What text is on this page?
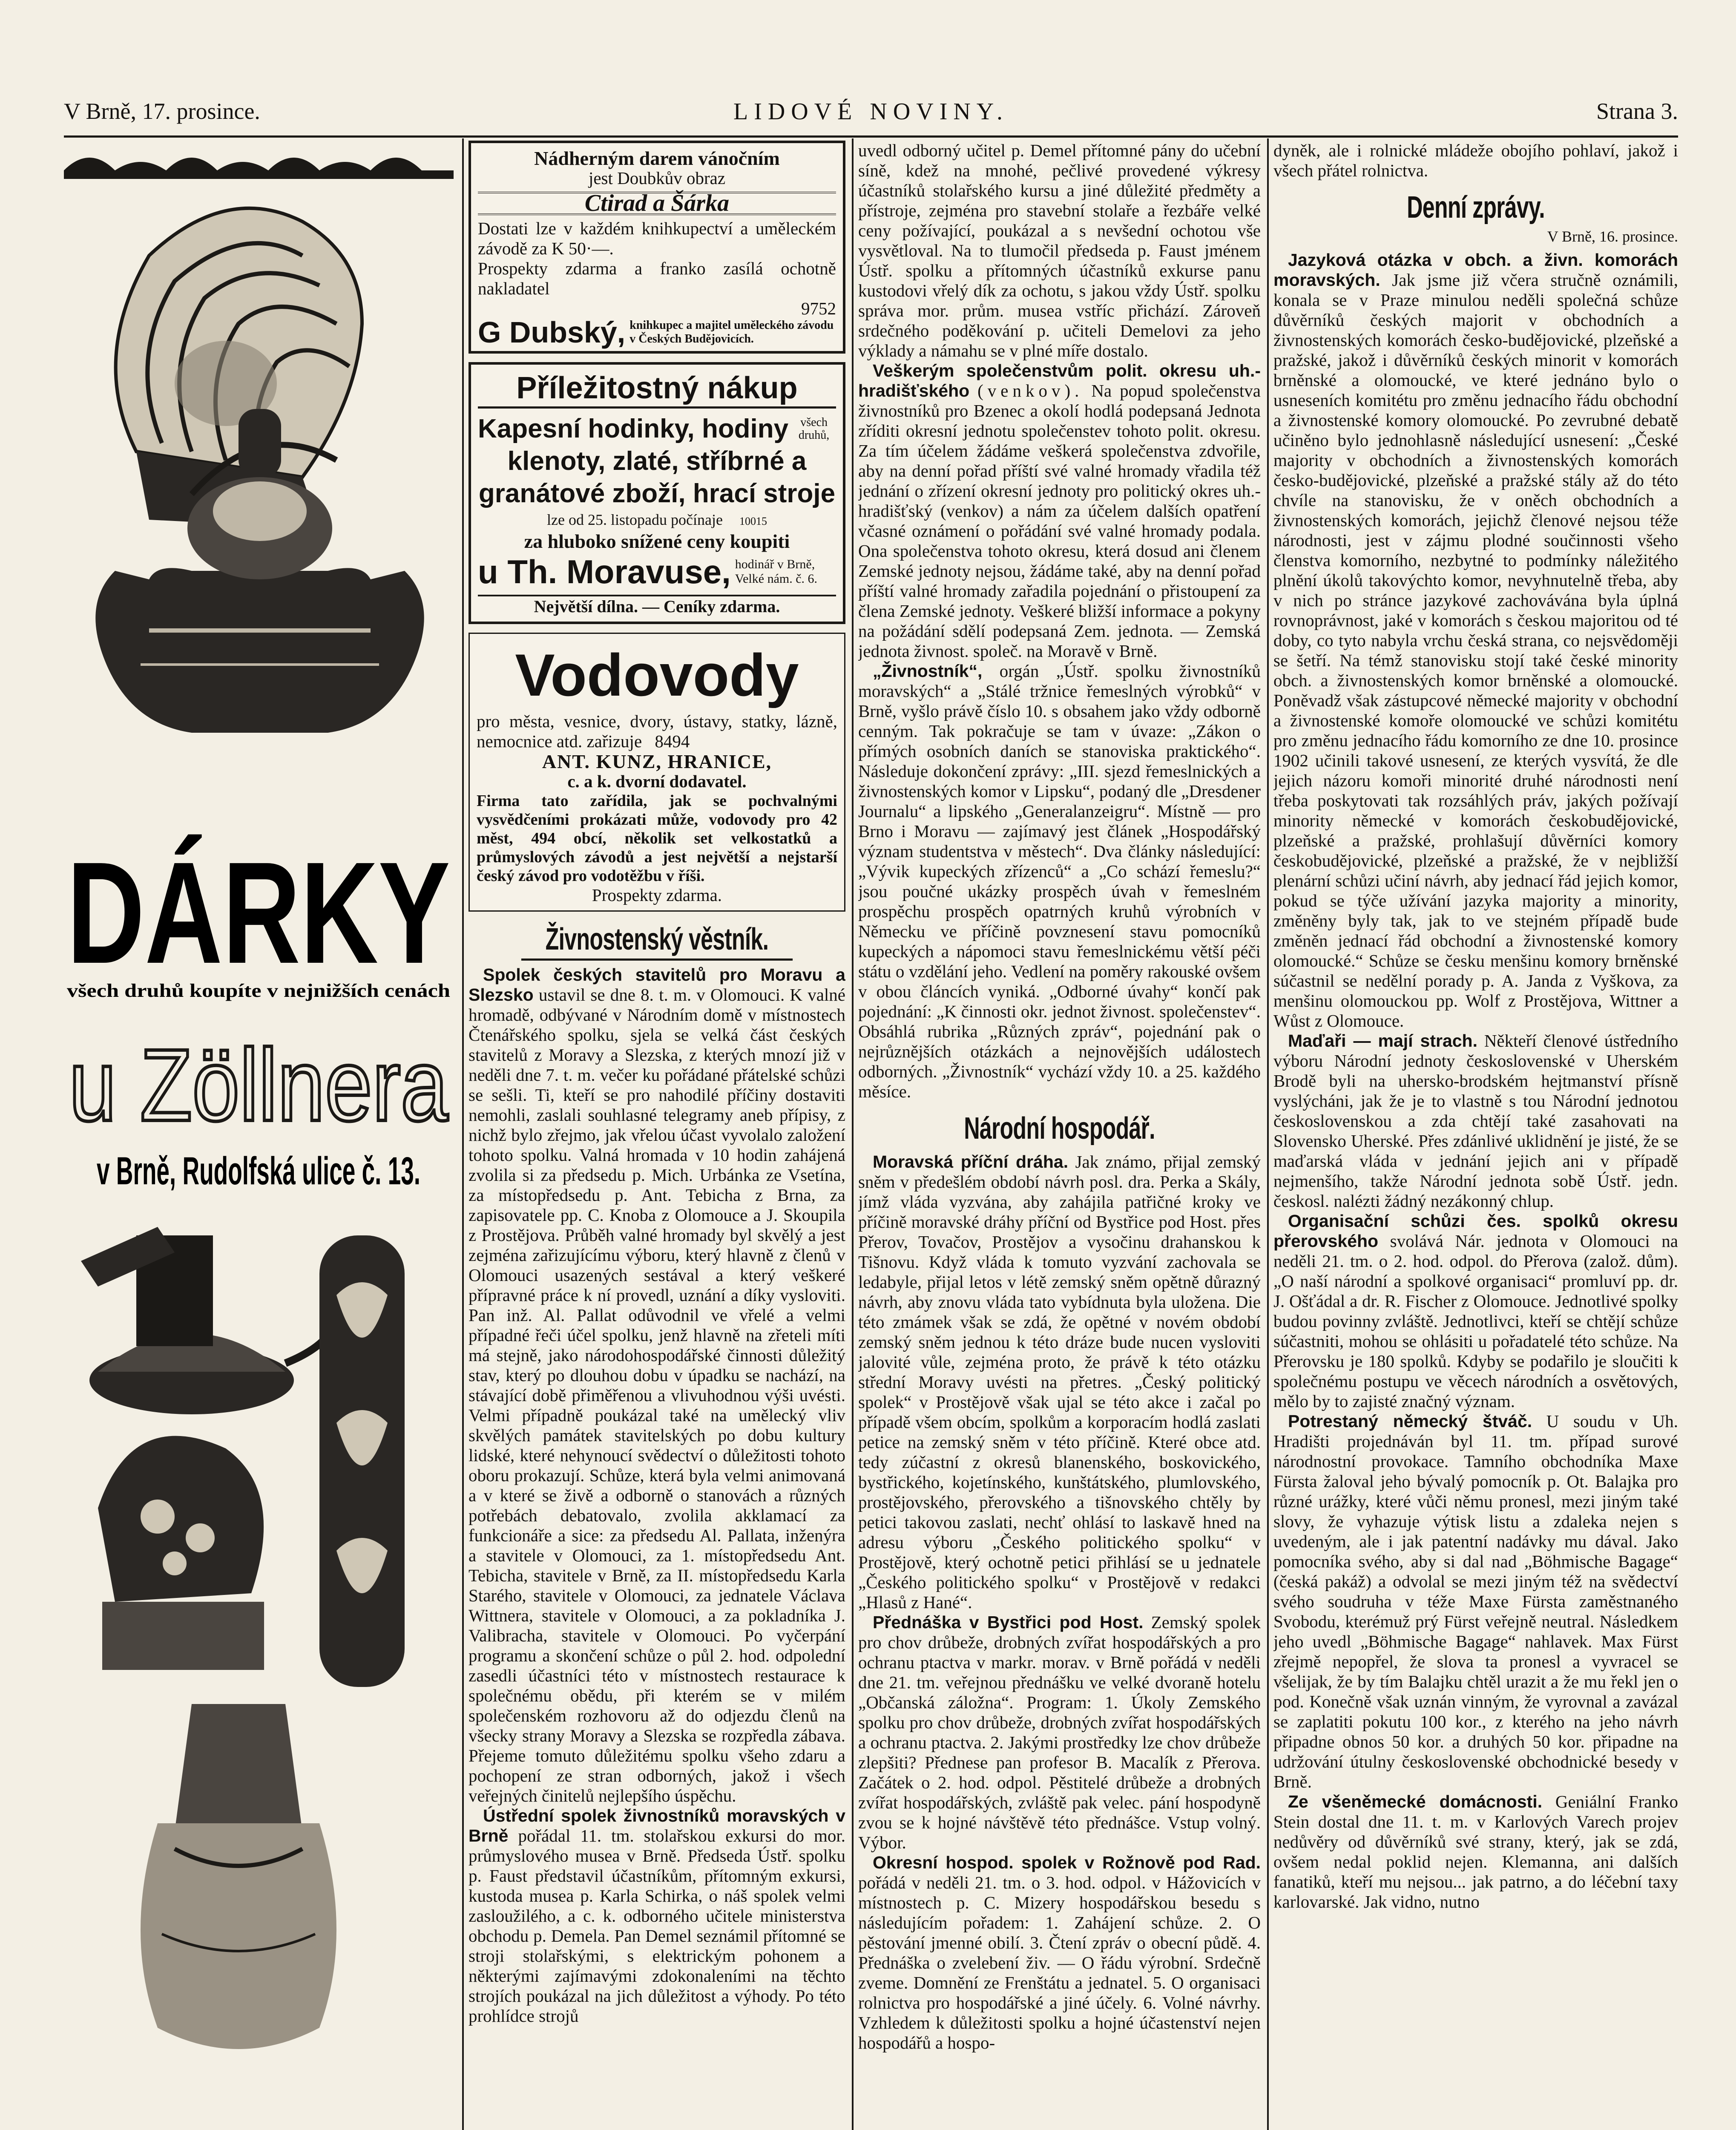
V Brně, 17. prosince.	LIDOVÉ NOVINY.	Strana 3.
DÁRKY
všech druhů koupíte v nejnižších cenách
u Zöllnera
v Brně, Rudolfská ulice č. 13.
Nádherným darem vánočním
jest Doubkův obraz
Ctirad a Šárka
Dostati lze v každém knihkupectví a uměleckém závodě za K 50·—.
Prospekty zdarma a franko zasílá ochotně nakladatel
9752
G Dubský, knihkupec a majitel uměleckého závodu v Českých Budějovicích.
Příležitostný nákup
Kapesní hodinky, hodiny	všech druhů,
klenoty, zlaté, stříbrné a
granátové zboží, hrací stroje
lze od 25. listopadu počínaje 10015
za hluboko snížené ceny koupiti
u Th. Moravuse, hodinář v Brně, Velké nám. č. 6.
Největší dílna. — Ceníky zdarma.
Vodovody
pro města, vesnice, dvory, ústavy, statky, lázně, nemocnice atd. zařizuje 8494
ANT. KUNZ, HRANICE,
c. a k. dvorní dodavatel.
Firma tato zařídila, jak se pochvalnými vysvědčeními prokázati může, vodovody pro 42 měst, 494 obcí, několik set velkostatků a průmyslových závodů a jest největší a nejstarší český závod pro vodotěžbu v říši.
Prospekty zdarma.
Živnostenský věstník.

Spolek českých stavitelů pro Moravu a Slezsko ustavil se dne 8. t. m. v Olomouci. K valné hromadě, odbývané v Národním domě v místnostech Čtenářského spolku, sjela se velká část českých stavitelů z Moravy a Slezska, z kterých mnozí již v neděli dne 7. t. m. večer ku pořádané přátelské schůzi se sešli. Ti, kteří se pro nahodilé příčiny dostaviti nemohli, zaslali souhlasné telegramy aneb přípisy, z nichž bylo zřejmo, jak vřelou účast vyvolalo založení tohoto spolku. Valná hromada v 10 hodin zahájená zvolila si za předsedu p. Mich. Urbánka ze Vsetína, za místopředsedu p. Ant. Tebicha z Brna, za zapisovatele pp. C. Knoba z Olomouce a J. Skoupila z Prostějova. Průběh valné hromady byl skvělý a jest zejména zařizujícímu výboru, který hlavně z členů v Olomouci usazených sestával a který veškeré přípravné práce k ní provedl, uznání a díky vysloviti. Pan inž. Al. Pallat odůvodnil ve vřelé a velmi případné řeči účel spolku, jenž hlavně na zřeteli míti má stejně, jako národohospodářské činnosti důležitý stav, který po dlouhou dobu v úpadku se nachází, na stávající době přiměřenou a vlivuhodnou výši uvésti. Velmi případně poukázal také na umělecký vliv skvělých památek stavitelských po dobu kultury lidské, které nehynoucí svědectví o důležitosti tohoto oboru prokazují. Schůze, která byla velmi animovaná a v které se živě a odborně o stanovách a různých potřebách debatovalo, zvolila akklamací za funkcionáře a sice: za předsedu Al. Pallata, inženýra a stavitele v Olomouci, za 1. místopředsedu Ant. Tebicha, stavitele v Brně, za II. místopředsedu Karla Starého, stavitele v Olomouci, za jednatele Václava Wittnera, stavitele v Olomouci, a za pokladníka J. Valibracha, stavitele v Olomouci. Po vyčerpání programu a skončení schůze o půl 2. hod. odpolední zasedli účastníci této v místnostech restaurace k společnému obědu, při kterém se v milém společenském rozhovoru až do odjezdu členů na všecky strany Moravy a Slezska se rozpředla zábava. Přejeme tomuto důležitému spolku všeho zdaru a pochopení ze stran odborných, jakož i všech veřejných činitelů nejlepšího úspěchu.

Ústřední spolek živnostníků moravských v Brně pořádal 11. tm. stolařskou exkursi do mor. průmyslového musea v Brně. Předseda Ústř. spolku p. Faust představil účastníkům, přítomným exkursi, kustoda musea p. Karla Schirka, o náš spolek velmi zasloužilého, a c. k. odborného učitele ministerstva obchodu p. Demela. Pan Demel seznámil přítomné se stroji stolařskými, s elektrickým pohonem a některými zajímavými zdokonaleními na těchto strojích poukázal na jich důležitost a výhody. Po této prohlídce strojů

uvedl odborný učitel p. Demel přítomné pány do učební síně, kdež na mnohé, pečlivé provedené výkresy účastníků stolařského kursu a jiné důležité předměty a přístroje, zejména pro stavební stolaře a řezbáře velké ceny požívající, poukázal a s nevšední ochotou vše vysvětloval. Na to tlumočil předseda p. Faust jménem Ústř. spolku a přítomných účastníků exkurse panu kustodovi vřelý dík za ochotu, s jakou vždy Ústř. spolku správa mor. prům. musea vstříc přichází. Zároveň srdečného poděkování p. učiteli Demelovi za jeho výklady a námahu se v plné míře dostalo.

Veškerým společenstvům polit. okresu uh.-hradišťského (venkov). Na popud společenstva živnostníků pro Bzenec a okolí hodlá podepsaná Jednota zříditi okresní jednotu společenstev tohoto polit. okresu. Za tím účelem žádáme veškerá společenstva zdvořile, aby na denní pořad příští své valné hromady vřadila též jednání o zřízení okresní jednoty pro politický okres uh.-hradišťský (venkov) a nám za účelem dalších opatření včasné oznámení o pořádání své valné hromady podala. Ona společenstva tohoto okresu, která dosud ani členem Zemské jednoty nejsou, žádáme také, aby na denní pořad příští valné hromady zařadila pojednání o přistoupení za člena Zemské jednoty. Veškeré bližší informace a pokyny na požádání sdělí podepsaná Zem. jednota. — Zemská jednota živnost. společ. na Moravě v Brně.

„Živnostník“, orgán „Ústř. spolku živnostníků moravských“ a „Stálé tržnice řemeslných výrobků“ v Brně, vyšlo právě číslo 10. s obsahem jako vždy odborně cenným. Tak pokračuje se tam v úvaze: „Zákon o přímých osobních daních se stanoviska praktického“. Následuje dokončení zprávy: „III. sjezd řemeslnických a živnostenských komor v Lipsku“, podaný dle „Dresdener Journalu“ a lipského „Generalanzeigru“. Místně — pro Brno i Moravu — zajímavý jest článek „Hospodářský význam studentstva v městech“. Dva články následující: „Vývik kupeckých zřízenců“ a „Co schází řemeslu?“ jsou poučné ukázky prospěch úvah v řemeslném prospěchu prospěch opatrných kruhů výrobních v Německu ve příčině povznesení stavu pomocníků kupeckých a nápomoci stavu řemeslnickému větší péči státu o vzdělání jeho. Vedlení na poměry rakouské ovšem v obou článcích vyniká. „Odborné úvahy“ končí pak pojednání: „K činnosti okr. jednot živnost. společenstev“. Obsáhlá rubrika „Různých zpráv“, pojednání pak o nejrůznějších otázkách a nejnovějších událostech odborných. „Živnostník“ vychází vždy 10. a 25. každého měsíce.

Národní hospodář.

Moravská příční dráha. Jak známo, přijal zemský sněm v předešlém období návrh posl. dra. Perka a Skály, jímž vláda vyzvána, aby zahájila patřičné kroky ve příčině moravské dráhy příční od Bystřice pod Host. přes Přerov, Tovačov, Prostějov a vysočinu drahanskou k Tišnovu. Když vláda k tomuto vyzvání zachovala se ledabyle, přijal letos v létě zemský sněm opětně důrazný návrh, aby znovu vláda tato vybídnuta byla uložena. Die této zmámek však se zdá, že opětné v novém období zemský sněm jednou k této dráze bude nucen vysloviti jalovité vůle, zejména proto, že právě k této otázku střední Moravy uvésti na přetres. „Český politický spolek“ v Prostějově však ujal se této akce i začal po případě všem obcím, spolkům a korporacím hodlá zaslati petice na zemský sněm v této příčině. Které obce atd. tedy zúčastní z okresů blanenského, boskovického, bystřického, kojetínského, kunštátského, plumlovského, prostějovského, přerovského a tišnovského chtěly by petici takovou zaslati, nechť ohlásí to laskavě hned na adresu výboru „Českého politického spolku“ v Prostějově, který ochotně petici přihlásí se u jednatele „Českého politického spolku“ v Prostějově v redakci „Hlasů z Hané“.

Přednáška v Bystřici pod Host. Zemský spolek pro chov drůbeže, drobných zvířat hospodářských a pro ochranu ptactva v markr. morav. v Brně pořádá v neděli dne 21. tm. veřejnou přednášku ve velké dvoraně hotelu „Občanská záložna“. Program: 1. Úkoly Zemského spolku pro chov drůbeže, drobných zvířat hospodářských a ochranu ptactva. 2. Jakými prostředky lze chov drůbeže zlepšiti? Přednese pan profesor B. Macalík z Přerova. Začátek o 2. hod. odpol. Pěstitelé drůbeže a drobných zvířat hospodářských, zvláště pak velec. pání hospodyně zvou se k hojné návštěvě této přednášce. Vstup volný. Výbor.

Okresní hospod. spolek v Rožnově pod Rad. pořádá v neděli 21. tm. o 3. hod. odpol. v Hážovicích v místnostech p. C. Mizery hospodářskou besedu s následujícím pořadem: 1. Zahájení schůze. 2. O pěstování jmenné obilí. 3. Čtení zpráv o obecní půdě. 4. Přednáška o zvelebení živ. — O řádu výrobní. Srdečně zveme. Domnění ze Frenštátu a jednatel. 5. O organisaci rolnictva pro hospodářské a jiné účely. 6. Volné návrhy. Vzhledem k důležitosti spolku a hojné účastenství nejen hospodářů a hospo-

dyněk, ale i rolnické mládeže obojího pohlaví, jakož i všech přátel rolnictva.

Denní zprávy.
V Brně, 16. prosince.

Jazyková otázka v obch. a živn. komorách moravských. Jak jsme již včera stručně oznámili, konala se v Praze minulou neděli společná schůze důvěrníků českých majorit v obchodních a živnostenských komorách česko-budějovické, plzeňské a pražské, jakož i důvěrníků českých minorit v komorách brněnské a olomoucké, ve které jednáno bylo o usneseních komitétu pro změnu jednacího řádu obchodní a živnostenské komory olomoucké. Po zevrubné debatě učiněno bylo jednohlasně následující usnesení: „České majority v obchodních a živnostenských komorách česko-budějovické, plzeňské a pražské stály až do této chvíle na stanovisku, že v oněch obchodních a živnostenských komorách, jejichž členové nejsou téže národnosti, jest v zájmu plodné součinnosti všeho členstva komorního, nezbytné to podmínky náležitého plnění úkolů takovýchto komor, nevyhnutelně třeba, aby v nich po stránce jazykové zachovávána byla úplná rovnoprávnost, jaké v komorách s českou majoritou od té doby, co tyto nabyla vrchu česká strana, co nejsvědoměji se šetří. Na témž stanovisku stojí také české minority obch. a živnostenských komor brněnské a olomoucké. Poněvadž však zástupcové německé majority v obchodní a živnostenské komoře olomoucké ve schůzi komitétu pro změnu jednacího řádu komorního ze dne 10. prosince 1902 učinili takové usnesení, ze kterých vysvítá, že dle jejich názoru komoři minorité druhé národnosti není třeba poskytovati tak rozsáhlých práv, jakých požívají minority německé v komorách českobudějovické, plzeňské a pražské, prohlašují důvěrníci komory českobudějovické, plzeňské a pražské, že v nejbližší plenární schůzi učiní návrh, aby jednací řád jejich komor, pokud se týče užívání jazyka majority a minority, změněny byly tak, jak to ve stejném případě bude změněn jednací řád obchodní a živnostenské komory olomoucké.“ Schůze se česku menšinu komory brněnské súčastnil se nedělní porady p. A. Janda z Vyškova, za menšinu olomouckou pp. Wolf z Prostějova, Wittner a Wůst z Olomouce.

Maďaři — mají strach. Někteří členové ústředního výboru Národní jednoty československé v Uherském Brodě byli na uhersko-brodském hejtmanství přísně vyslýcháni, jak že je to vlastně s tou Národní jednotou československou a zda chtějí také zasahovati na Slovensko Uherské. Přes zdánlivé uklidnění je jisté, že se maďarská vláda v jednání jejich ani v případě nejmenšího, takže Národní jednota sobě Ústř. jedn. českosl. nalézti žádný nezákonný chlup.

Organisační schůzi čes. spolků okresu přerovského svolává Nár. jednota v Olomouci na neděli 21. tm. o 2. hod. odpol. do Přerova (založ. dům). „O naší národní a spolkové organisaci“ promluví pp. dr. J. Ošťádal a dr. R. Fischer z Olomouce. Jednotlivé spolky budou povinny zvláště. Jednotlivci, kteří se chtějí schůze súčastniti, mohou se ohlásiti u pořadatelé této schůze. Na Přerovsku je 180 spolků. Kdyby se podařilo je sloučiti k společnému postupu ve věcech národních a osvětových, mělo by to zajisté značný význam.

Potrestaný německý štváč. U soudu v Uh. Hradišti projednáván byl 11. tm. případ surové národnostní provokace. Tamního obchodníka Maxe Fürsta žaloval jeho bývalý pomocník p. Ot. Balajka pro různé urážky, které vůči němu pronesl, mezi jiným také slovy, že vyhazuje výtisk listu a zdaleka nejen s uvedeným, ale i jak patentní nadávky mu dával. Jako pomocníka svého, aby si dal nad „Böhmische Bagage“ (česká pakáž) a odvolal se mezi jiným též na svědectví svého soudruha v téže Maxe Fürsta zaměstnaného Svobodu, kterémuž prý Fürst veřejně neutral. Následkem jeho uvedl „Böhmische Bagage“ nahlavek. Max Fürst zřejmě nepopřel, že slova ta pronesl a vyvracel se všelijak, že by tím Balajku chtěl urazit a že mu řekl jen o pod. Konečně však uznán vinným, že vyrovnal a zavázal se zaplatiti pokutu 100 kor., z kterého na jeho návrh připadne obnos 50 kor. a druhých 50 kor. připadne na udržování útulny československé obchodnické besedy v Brně.

Ze všeněmecké domácnosti. Geniální Franko Stein dostal dne 11. t. m. v Karlových Varech projev nedůvěry od důvěrníků své strany, který, jak se zdá, ovšem nedal poklid nejen. Klemanna, ani dalších fanatiků, kteří mu nejsou... jak patrno, a do léčební taxy karlovarské. Jak vidno, nutno
